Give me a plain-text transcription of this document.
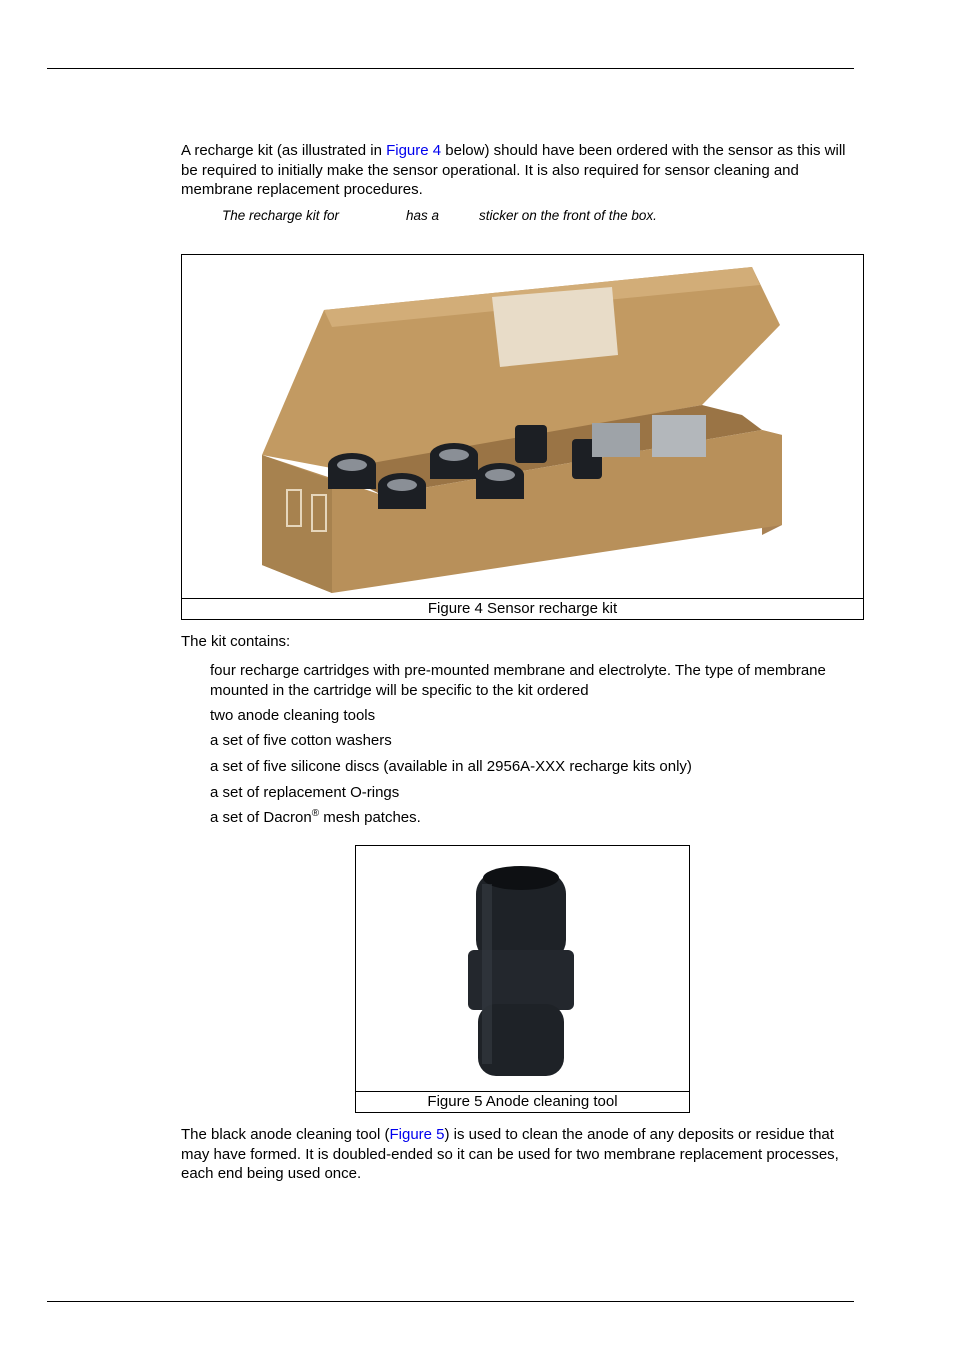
A recharge kit (as illustrated in Figure 4 below) should have been ordered with the sensor as this will be required to initially make the sensor operational. It is also required for sensor cleaning and membrane replacement procedures.

The recharge kit for	has a	sticker on the front of the box.
Figure 4 Sensor recharge kit

The kit contains:

four recharge cartridges with pre-mounted membrane and electrolyte. The type of membrane mounted in the cartridge will be specific to the kit ordered
two anode cleaning tools
a set of five cotton washers
a set of five silicone discs (available in all 2956A-XXX recharge kits only)
a set of replacement O-rings
a set of Dacron® mesh patches.
Figure 5 Anode cleaning tool

The black anode cleaning tool (Figure 5) is used to clean the anode of any deposits or residue that may have formed. It is doubled-ended so it can be used for two membrane replacement processes, each end being used once.
